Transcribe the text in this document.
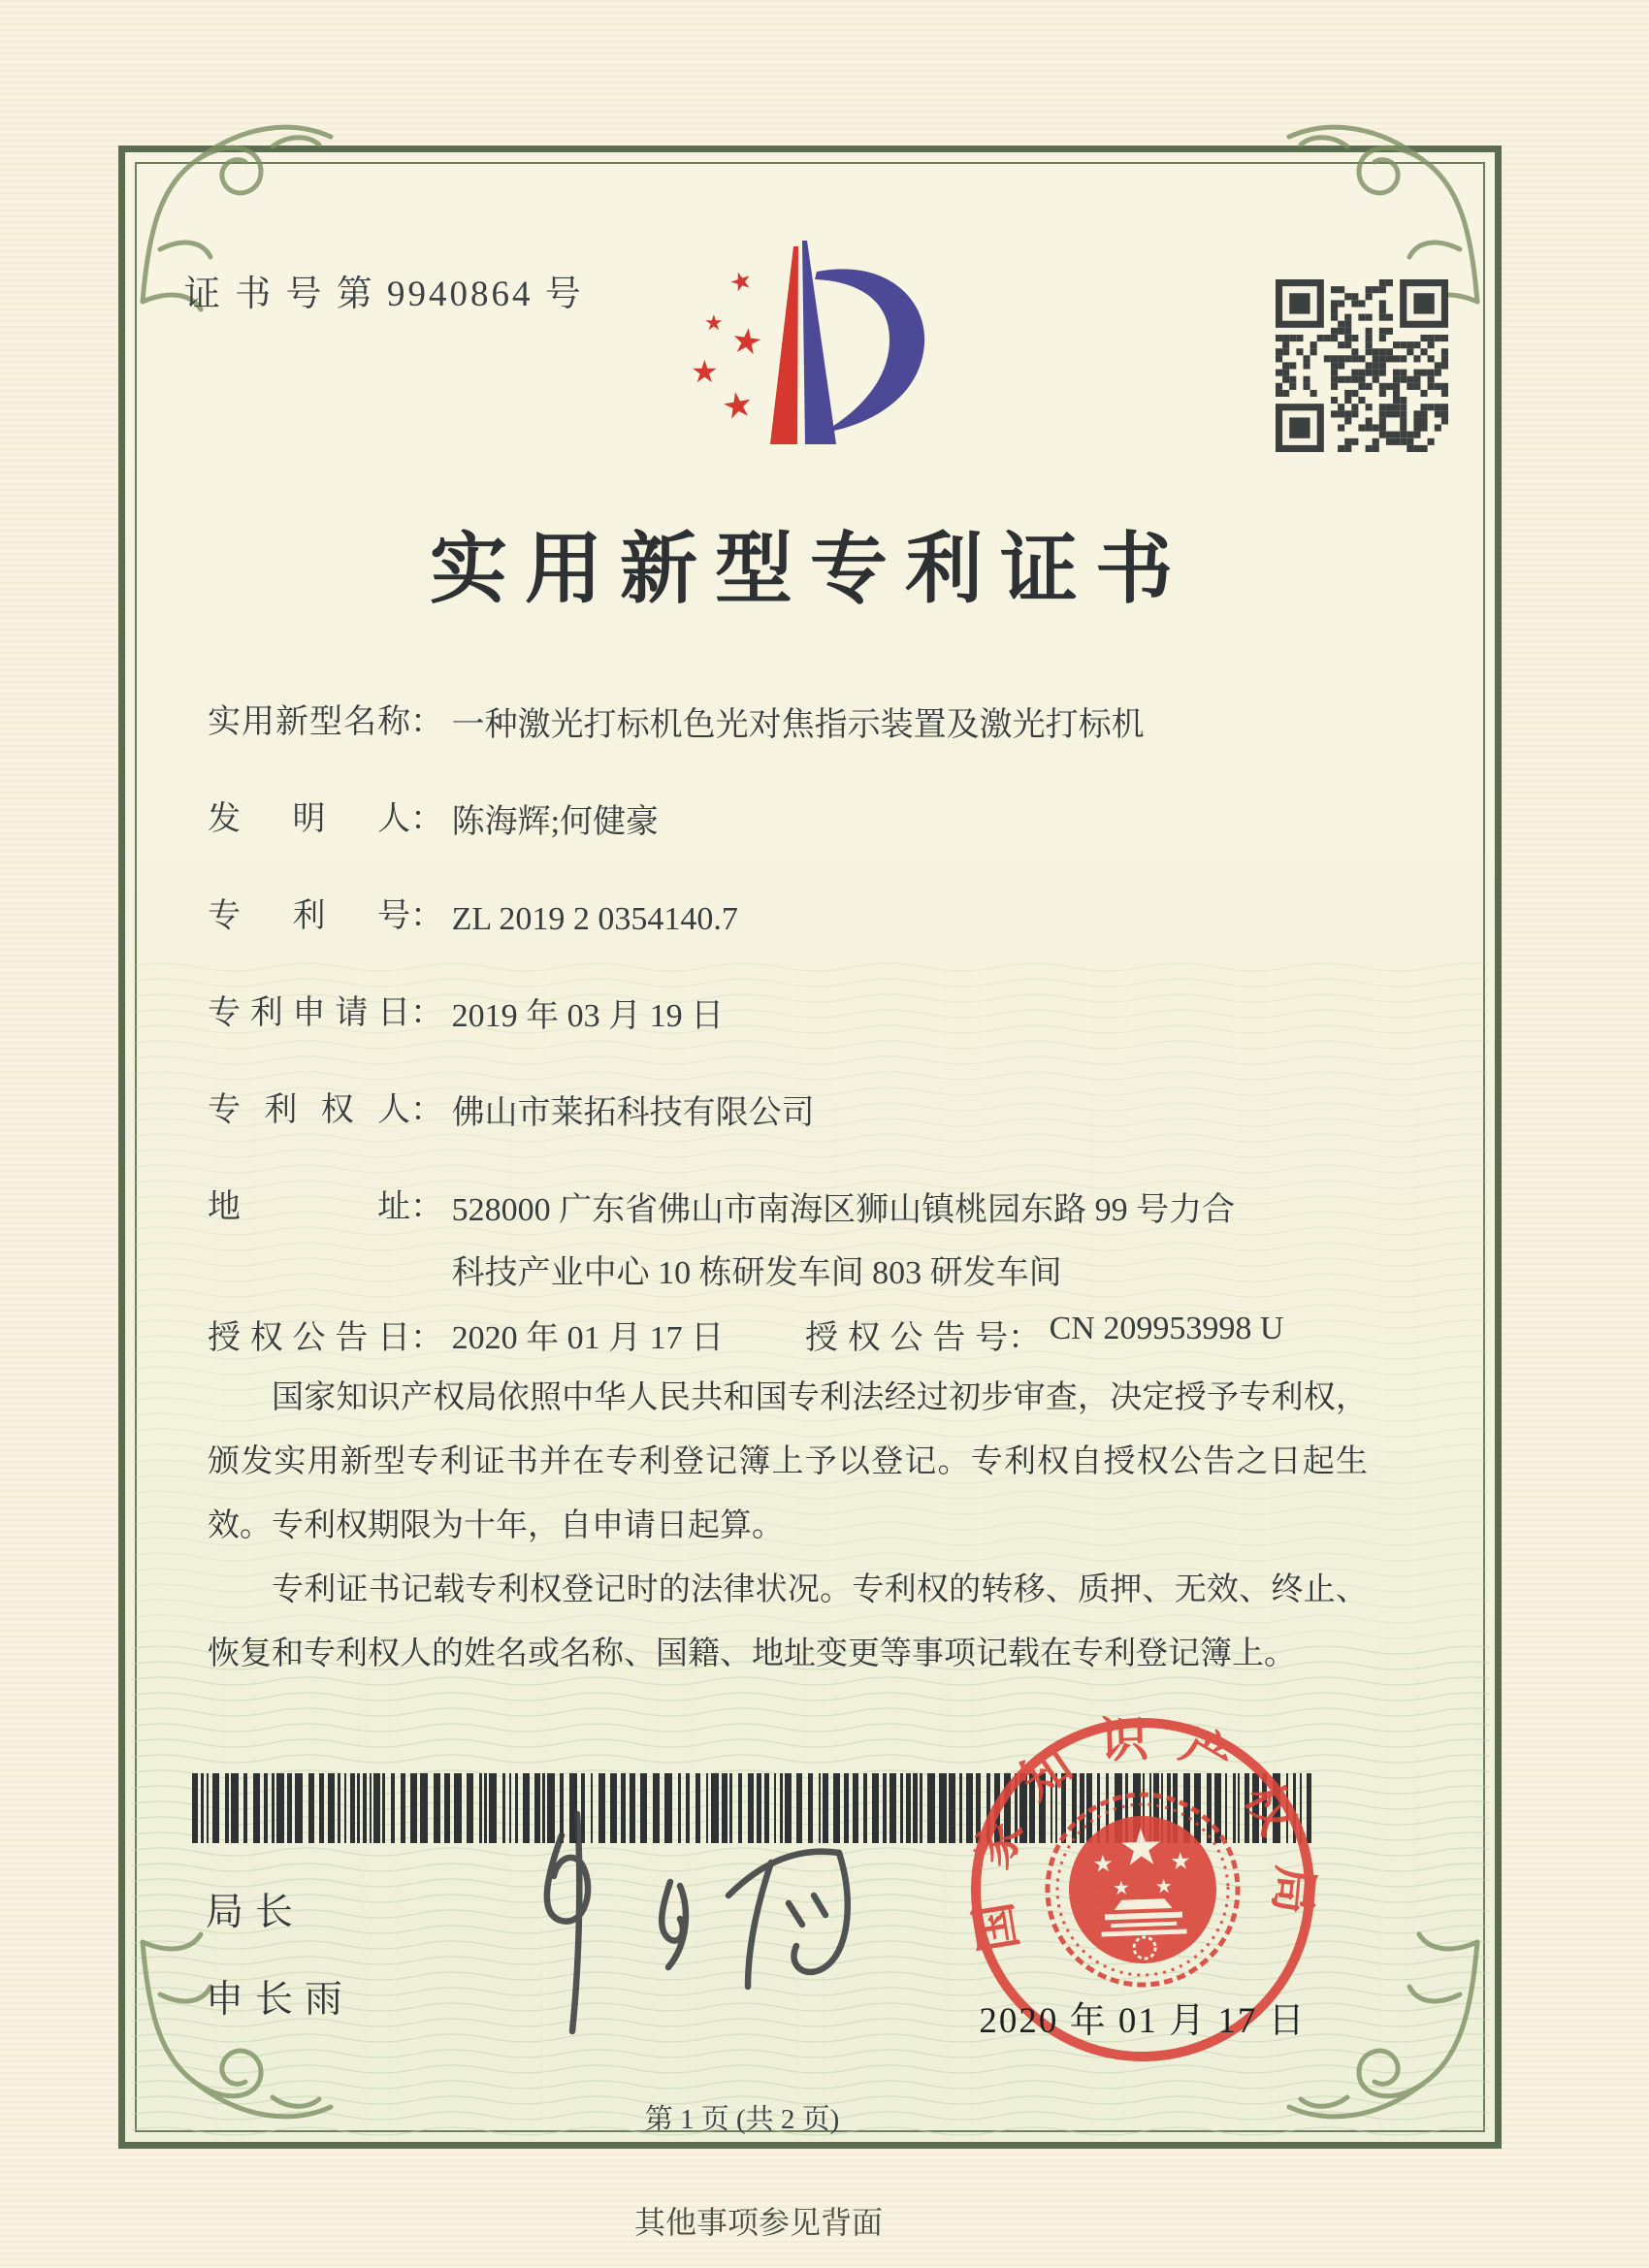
证 书 号 第 9940864 号	★
★ ★
★
★
实用新型专利证书
实用新型名称 ： 一种激光打标机色光对焦指示装置及激光打标机
发明人 ： 陈海辉;何健豪
专利号 ： ZL 2019 2 0354140.7
专利申请日 ： 2019 年 03 月 19 日
专利权人 ： 佛山市莱拓科技有限公司
地址 ： 528000 广东省佛山市南海区狮山镇桃园东路 99 号力合科技产业中心 10 栋研发车间 803 研发车间
授权公告日 ： 2020 年 01 月 17 日 授权公告号 ： CN 209953998 U

国家知识产权局依照中华人民共和国专利法经过初步审查，决定授予专利权，颁发实用新型专利证书并在专利登记簿上予以登记。专利权自授权公告之日起生效。专利权期限为十年，自申请日起算。

专利证书记载专利权登记时的法律状况。专利权的转移、质押、无效、终止、恢复和专利权人的姓名或名称、国籍、地址变更等事项记载在专利登记簿上。

局长
申长雨
国家知识产权局
★
★ ★
★ ★
2020 年 01 月 17 日
第 1 页 (共 2 页)
其他事项参见背面
